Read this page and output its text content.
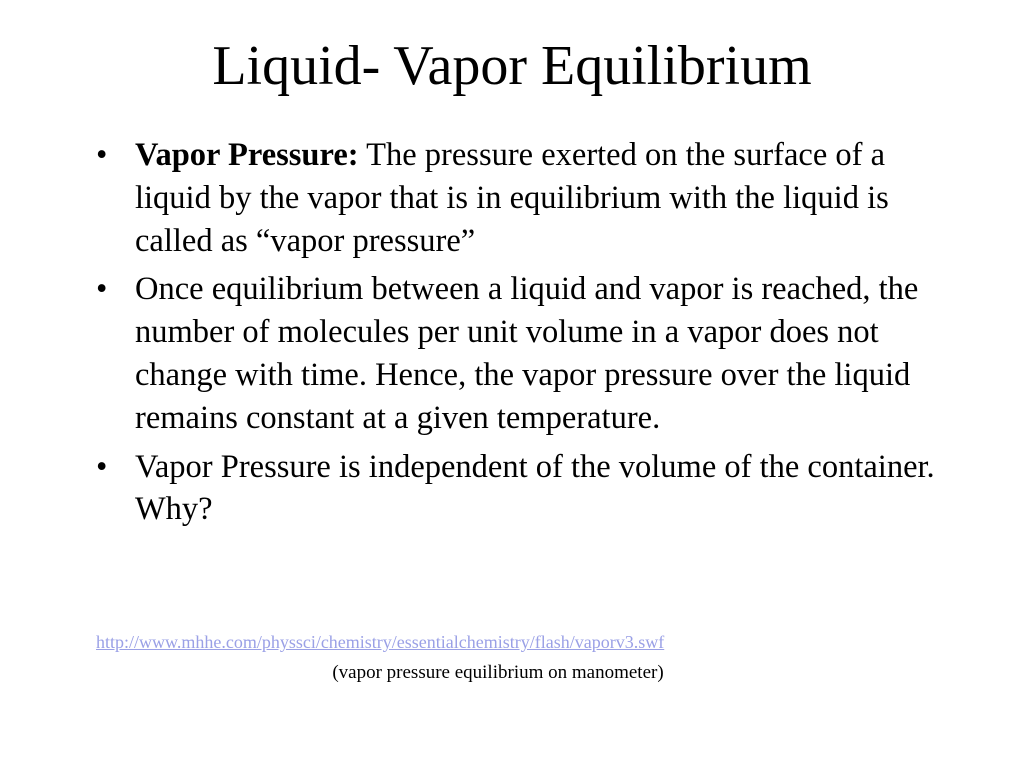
Liquid- Vapor Equilibrium
• Vapor Pressure: The pressure exerted on the surface of a liquid by the vapor that is in equilibrium with the liquid is called as “vapor pressure”
• Once equilibrium between a liquid and vapor is reached, the number of molecules per unit volume in a vapor does not change with time. Hence, the vapor pressure over the liquid remains constant at a given temperature.
• Vapor Pressure is independent of the volume of the container. Why?
http://www.mhhe.com/physsci/chemistry/essentialchemistry/flash/vaporv3.swf
(vapor pressure equilibrium on manometer)
